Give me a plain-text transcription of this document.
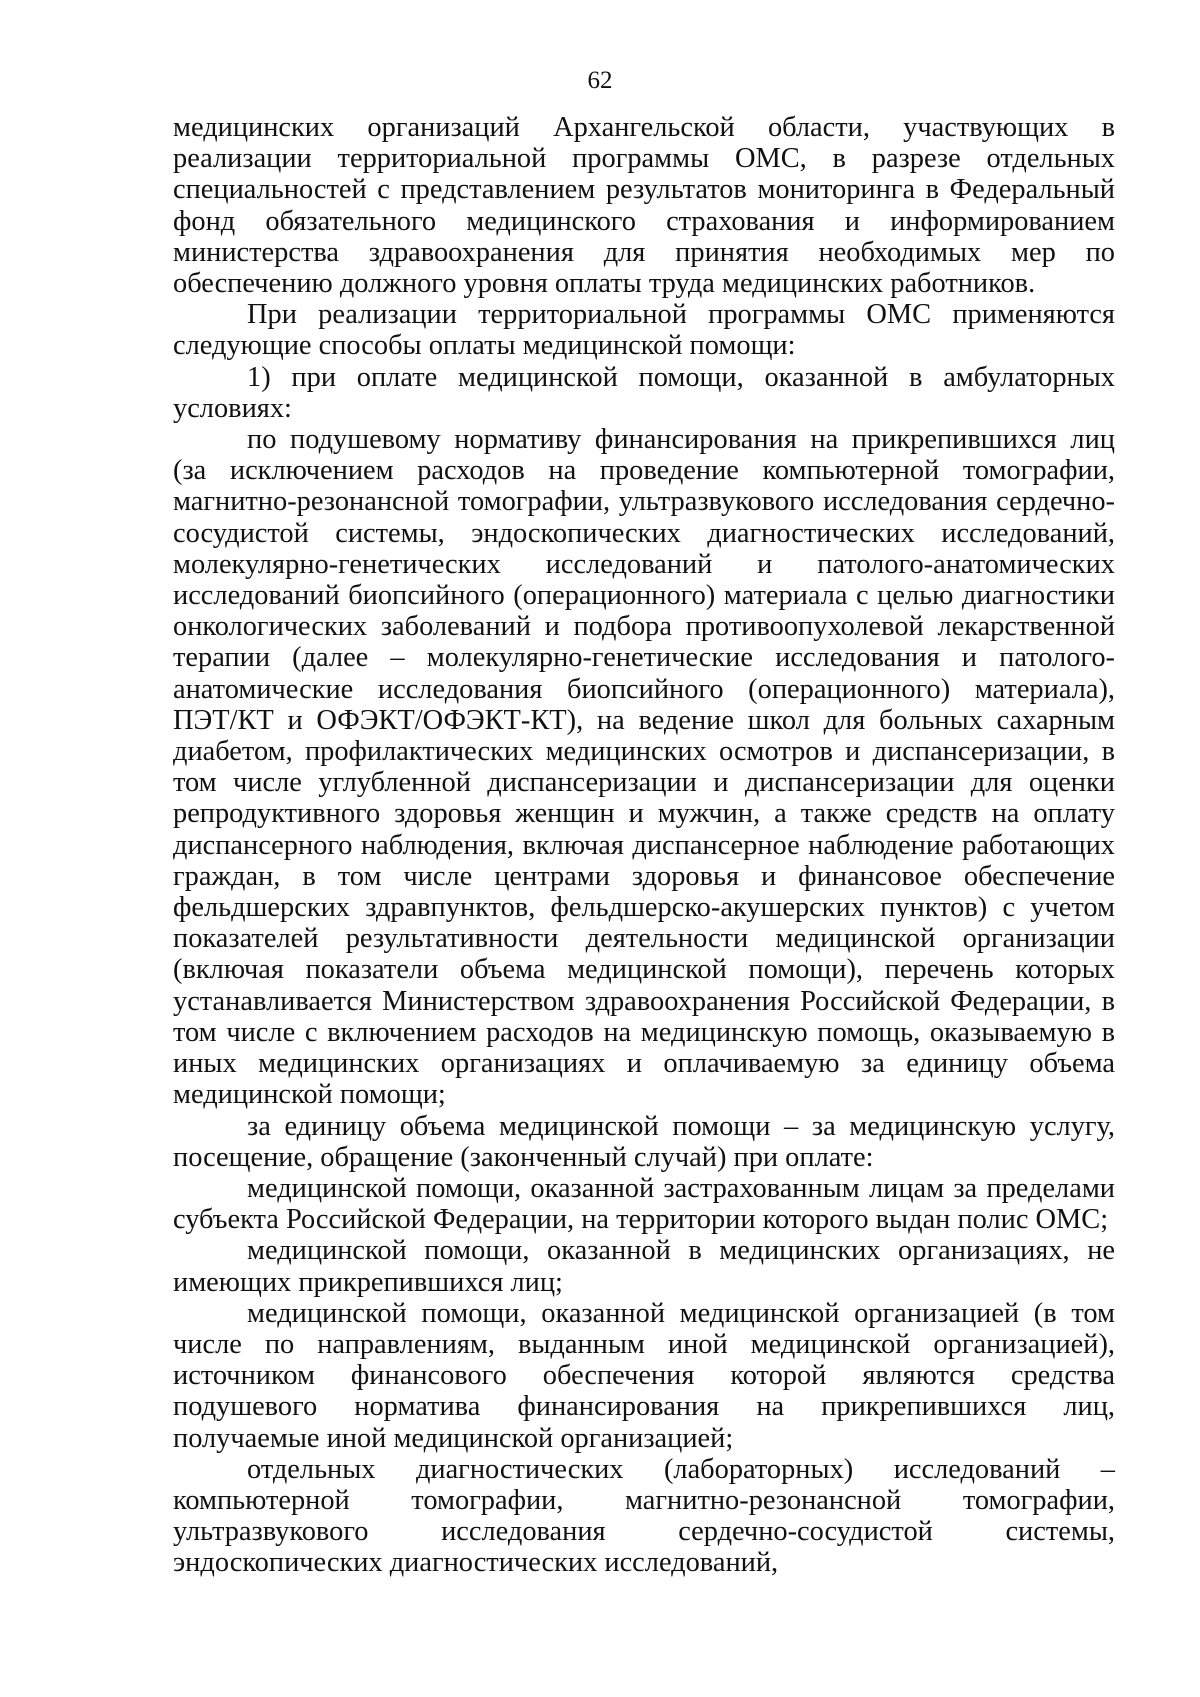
62

медицинских организаций Архангельской области, участвующих в реализации территориальной программы ОМС, в разрезе отдельных специальностей с представлением результатов мониторинга в Федеральный фонд обязательного медицинского страхования и информированием министерства здравоохранения для принятия необходимых мер по обеспечению должного уровня оплаты труда медицинских работников.

При реализации территориальной программы ОМС применяются следующие способы оплаты медицинской помощи:

1) при оплате медицинской помощи, оказанной в амбулаторных условиях:

по подушевому нормативу финансирования на прикрепившихся лиц (за исключением расходов на проведение компьютерной томографии, магнитно-резонансной томографии, ультразвукового исследования сердечно-сосудистой системы, эндоскопических диагностических исследований, молекулярно-генетических исследований и патолого-анатомических исследований биопсийного (операционного) материала с целью диагностики онкологических заболеваний и подбора противоопухолевой лекарственной терапии (далее – молекулярно-генетические исследования и патолого-анатомические исследования биопсийного (операционного) материала), ПЭТ/КТ и ОФЭКТ/ОФЭКТ-КТ), на ведение школ для больных сахарным диабетом, профилактических медицинских осмотров и диспансеризации, в том числе углубленной диспансеризации и диспансеризации для оценки репродуктивного здоровья женщин и мужчин, а также средств на оплату диспансерного наблюдения, включая диспансерное наблюдение работающих граждан, в том числе центрами здоровья и финансовое обеспечение фельдшерских здравпунктов, фельдшерско-акушерских пунктов) с учетом показателей результативности деятельности медицинской организации (включая показатели объема медицинской помощи), перечень которых устанавливается Министерством здравоохранения Российской Федерации, в том числе с включением расходов на медицинскую помощь, оказываемую в иных медицинских организациях и оплачиваемую за единицу объема медицинской помощи;

за единицу объема медицинской помощи – за медицинскую услугу, посещение, обращение (законченный случай) при оплате:

медицинской помощи, оказанной застрахованным лицам за пределами субъекта Российской Федерации, на территории которого выдан полис ОМС;

медицинской помощи, оказанной в медицинских организациях, не имеющих прикрепившихся лиц;

медицинской помощи, оказанной медицинской организацией (в том числе по направлениям, выданным иной медицинской организацией), источником финансового обеспечения которой являются средства подушевого норматива финансирования на прикрепившихся лиц, получаемые иной медицинской организацией;

отдельных диагностических (лабораторных) исследований – компьютерной томографии, магнитно-резонансной томографии, ультразвукового исследования сердечно-сосудистой системы, эндоскопических диагностических исследований,
